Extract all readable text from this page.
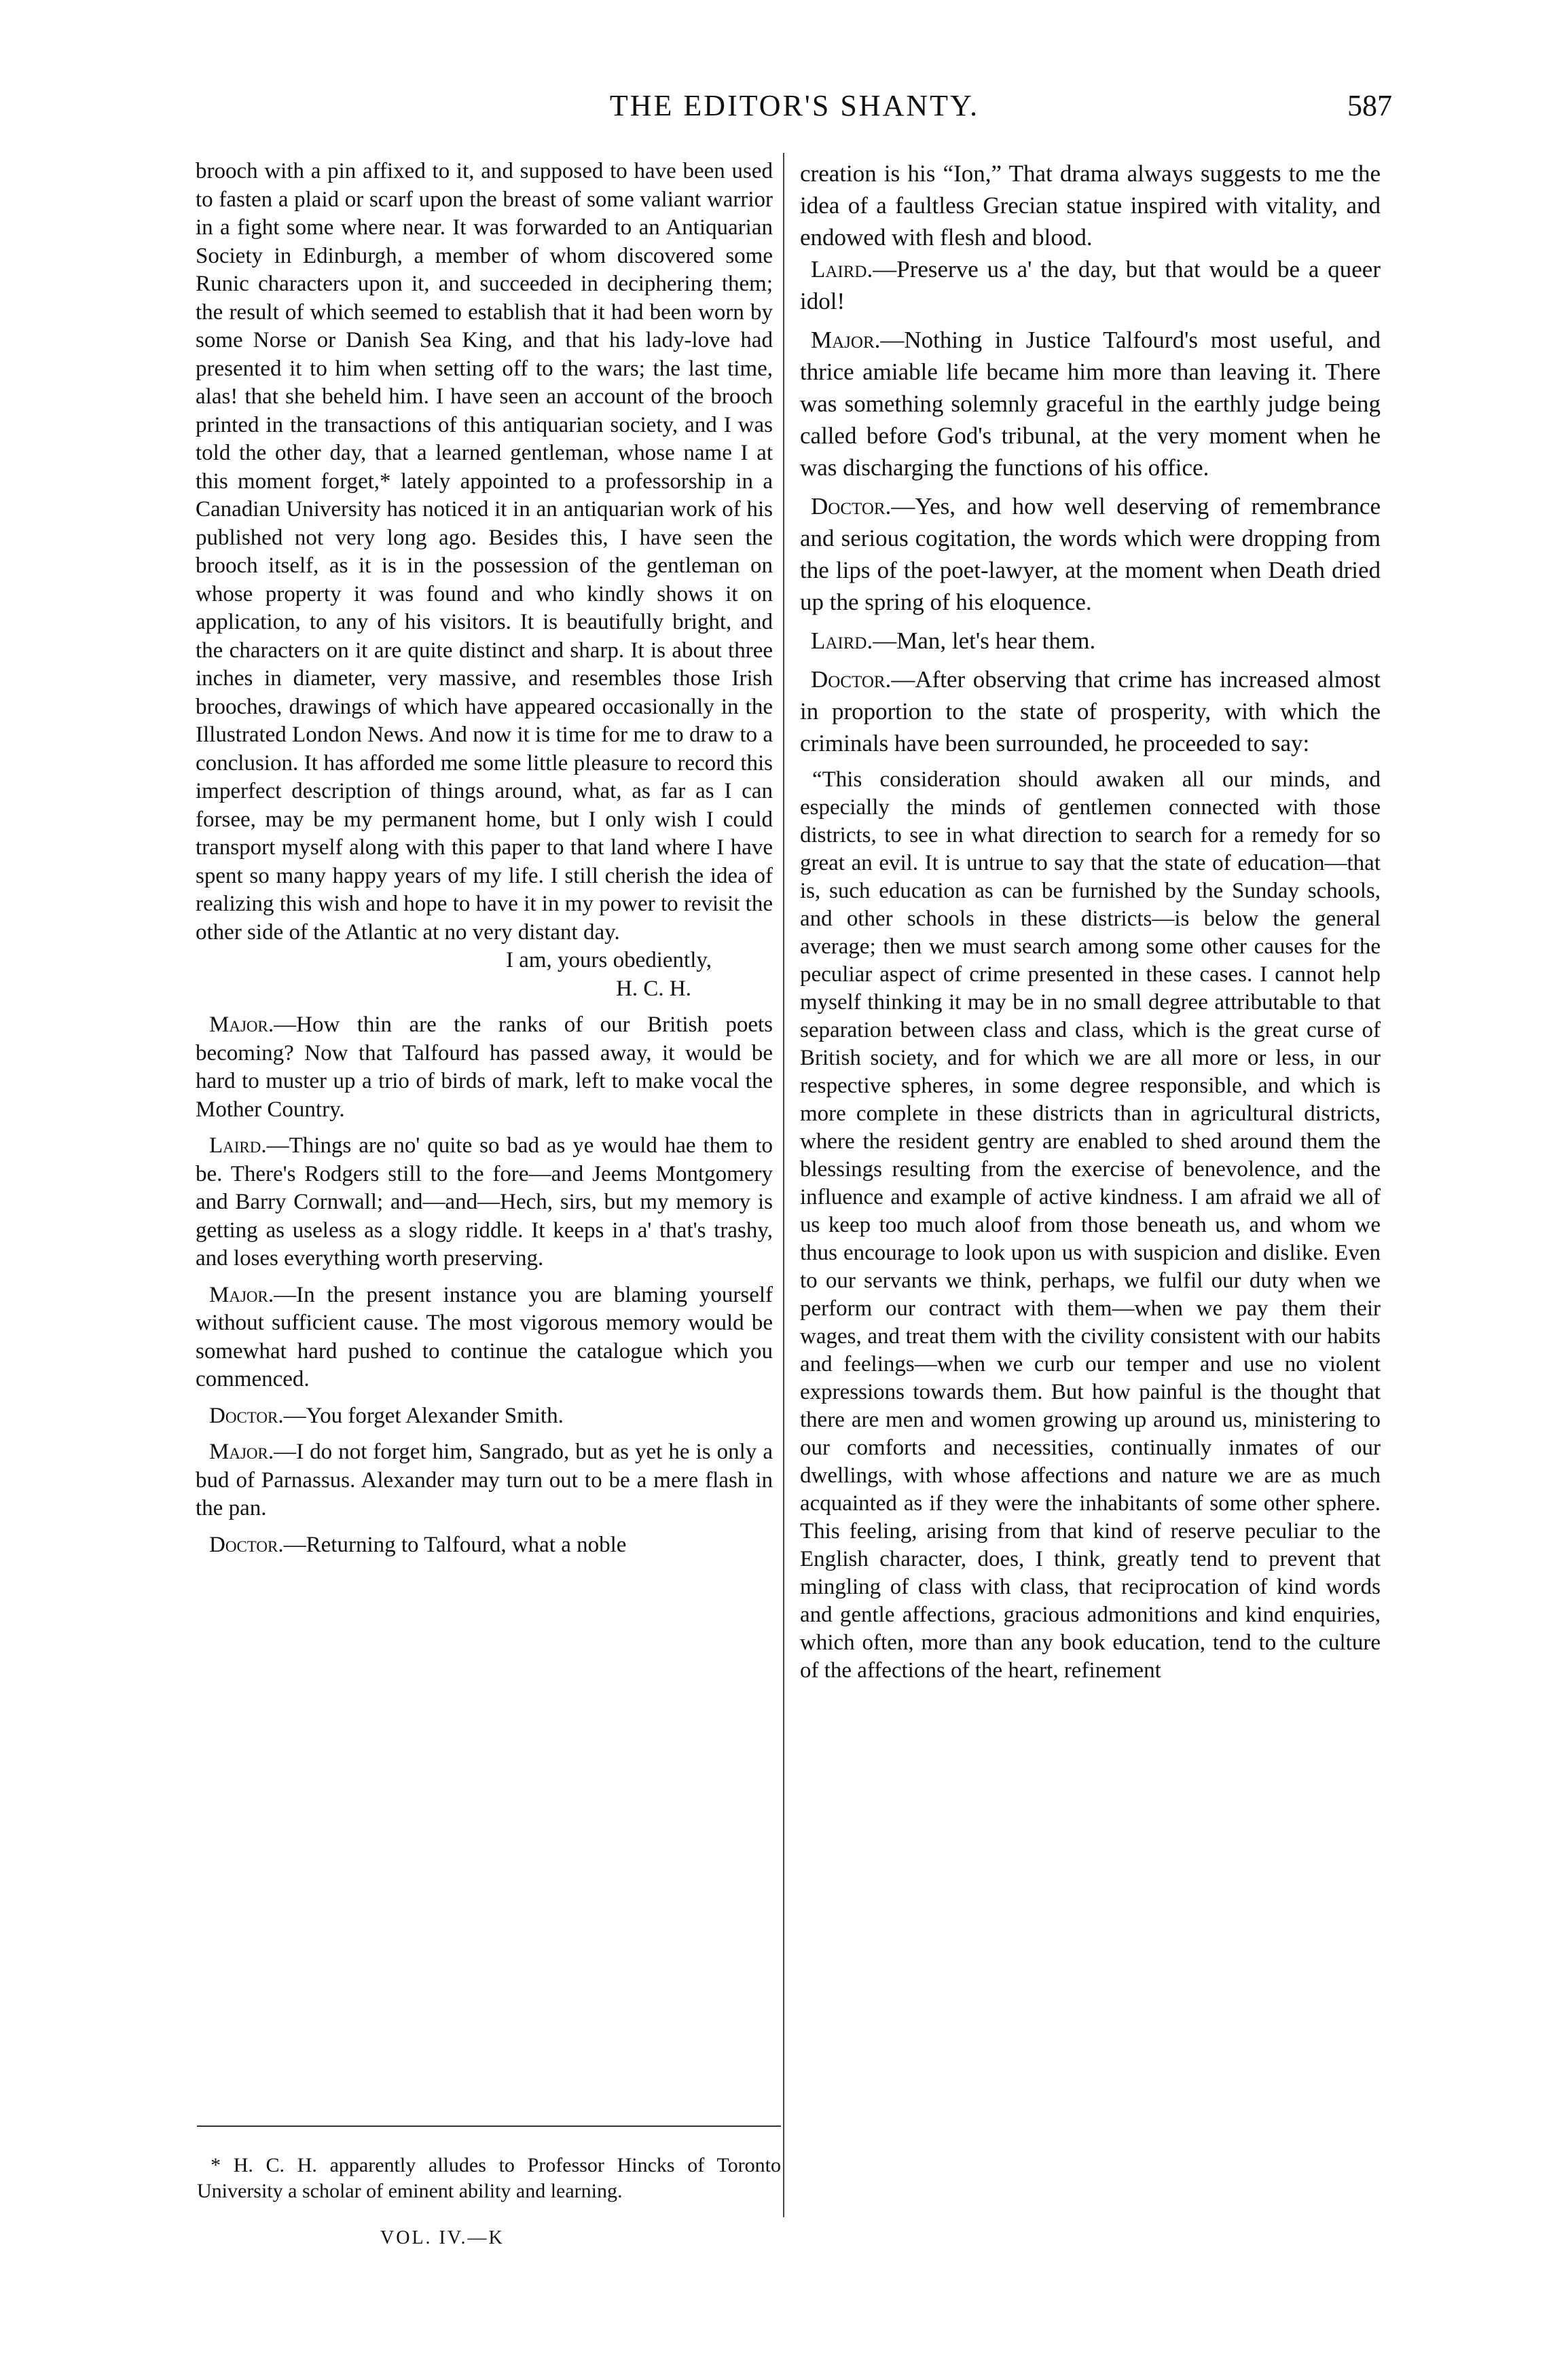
THE EDITOR'S SHANTY.	587

brooch with a pin affixed to it, and supposed to have been used to fasten a plaid or scarf upon the breast of some valiant warrior in a fight some where near. It was forwarded to an Antiquarian Society in Edinburgh, a member of whom discovered some Runic characters upon it, and succeeded in deciphering them; the result of which seemed to establish that it had been worn by some Norse or Danish Sea King, and that his lady-love had presented it to him when setting off to the wars; the last time, alas! that she beheld him. I have seen an account of the brooch printed in the transactions of this antiquarian society, and I was told the other day, that a learned gentleman, whose name I at this moment forget,* lately appointed to a professorship in a Canadian University has noticed it in an antiquarian work of his published not very long ago. Besides this, I have seen the brooch itself, as it is in the possession of the gentleman on whose property it was found and who kindly shows it on application, to any of his visitors. It is beautifully bright, and the characters on it are quite distinct and sharp. It is about three inches in diameter, very massive, and resembles those Irish brooches, drawings of which have appeared occasionally in the Illustrated London News. And now it is time for me to draw to a conclusion. It has afforded me some little pleasure to record this imperfect description of things around, what, as far as I can forsee, may be my permanent home, but I only wish I could transport myself along with this paper to that land where I have spent so many happy years of my life. I still cherish the idea of realizing this wish and hope to have it in my power to revisit the other side of the Atlantic at no very distant day.

I am, yours obediently,

H. C. H.

Major.—How thin are the ranks of our British poets becoming? Now that Talfourd has passed away, it would be hard to muster up a trio of birds of mark, left to make vocal the Mother Country.

Laird.—Things are no' quite so bad as ye would hae them to be. There's Rodgers still to the fore—and Jeems Montgomery and Barry Cornwall; and—and—Hech, sirs, but my memory is getting as useless as a slogy riddle. It keeps in a' that's trashy, and loses everything worth preserving.

Major.—In the present instance you are blaming yourself without sufficient cause. The most vigorous memory would be somewhat hard pushed to continue the catalogue which you commenced.

Doctor.—You forget Alexander Smith.

Major.—I do not forget him, Sangrado, but as yet he is only a bud of Parnassus. Alexander may turn out to be a mere flash in the pan.

Doctor.—Returning to Talfourd, what a noble

creation is his “Ion,” That drama always suggests to me the idea of a faultless Grecian statue inspired with vitality, and endowed with flesh and blood.

Laird.—Preserve us a' the day, but that would be a queer idol!

Major.—Nothing in Justice Talfourd's most useful, and thrice amiable life became him more than leaving it. There was something solemnly graceful in the earthly judge being called before God's tribunal, at the very moment when he was discharging the functions of his office.

Doctor.—Yes, and how well deserving of remembrance and serious cogitation, the words which were dropping from the lips of the poet-lawyer, at the moment when Death dried up the spring of his eloquence.

Laird.—Man, let's hear them.

Doctor.—After observing that crime has increased almost in proportion to the state of prosperity, with which the criminals have been surrounded, he proceeded to say:

“This consideration should awaken all our minds, and especially the minds of gentlemen connected with those districts, to see in what direction to search for a remedy for so great an evil. It is untrue to say that the state of education—that is, such education as can be furnished by the Sunday schools, and other schools in these districts—is below the general average; then we must search among some other causes for the peculiar aspect of crime presented in these cases. I cannot help myself thinking it may be in no small degree attributable to that separation between class and class, which is the great curse of British society, and for which we are all more or less, in our respective spheres, in some degree responsible, and which is more complete in these districts than in agricultural districts, where the resident gentry are enabled to shed around them the blessings resulting from the exercise of benevolence, and the influence and example of active kindness. I am afraid we all of us keep too much aloof from those beneath us, and whom we thus encourage to look upon us with suspicion and dislike. Even to our servants we think, perhaps, we fulfil our duty when we perform our contract with them—when we pay them their wages, and treat them with the civility consistent with our habits and feelings—when we curb our temper and use no violent expressions towards them. But how painful is the thought that there are men and women growing up around us, ministering to our comforts and necessities, continually inmates of our dwellings, with whose affections and nature we are as much acquainted as if they were the inhabitants of some other sphere. This feeling, arising from that kind of reserve peculiar to the English character, does, I think, greatly tend to prevent that mingling of class with class, that reciprocation of kind words and gentle affections, gracious admonitions and kind enquiries, which often, more than any book education, tend to the culture of the affections of the heart, refinement

* H. C. H. apparently alludes to Professor Hincks of Toronto University a scholar of eminent ability and learning.

VOL. IV.—K
